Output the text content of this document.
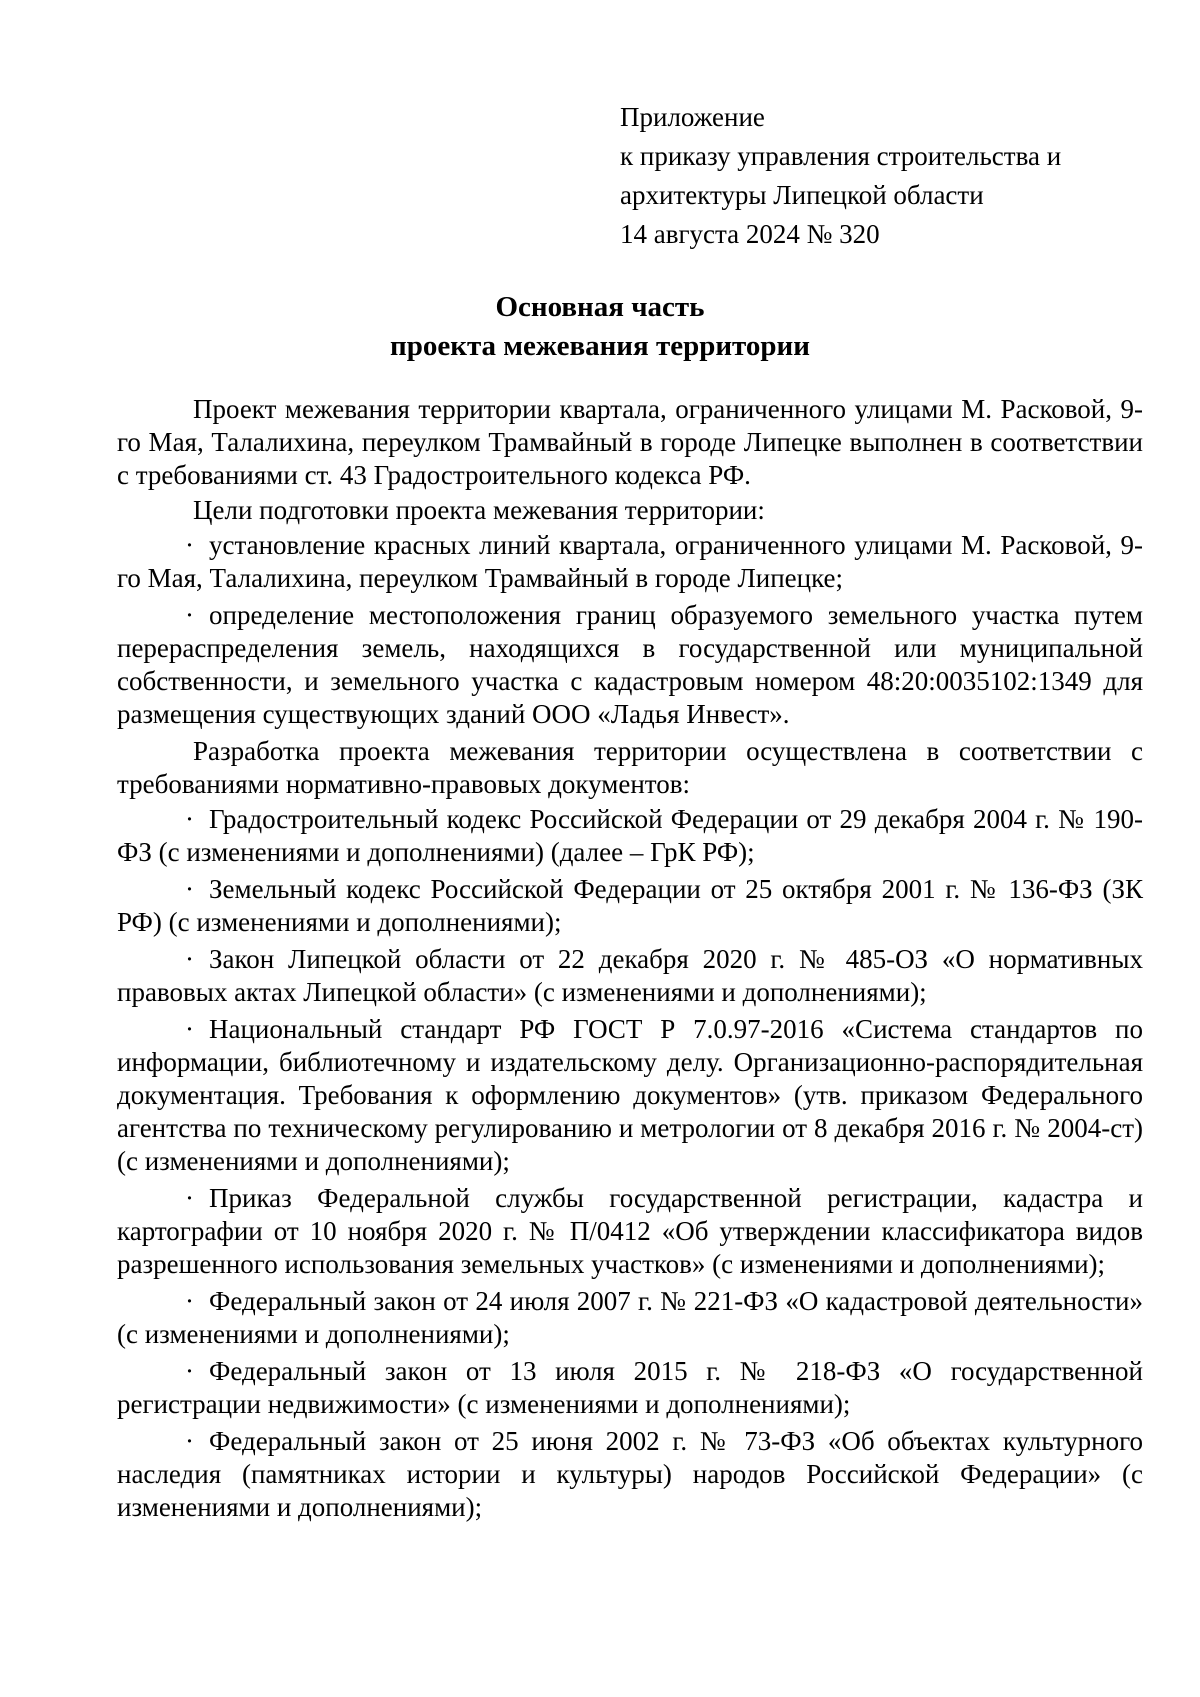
Приложение
к приказу управления строительства и
архитектуры Липецкой области
14 августа 2024 № 320
Основная часть
проекта межевания территории

Проект межевания территории квартала, ограниченного улицами М. Расковой, 9-го Мая, Талалихина, переулком Трамвайный в городе Липецке выполнен в соответствии с требованиями ст. 43 Градостроительного кодекса РФ.

Цели подготовки проекта межевания территории:

· установление красных линий квартала, ограниченного улицами М. Расковой, 9-го Мая, Талалихина, переулком Трамвайный в городе Липецке;

· определение местоположения границ образуемого земельного участка путем перераспределения земель, находящихся в государственной или муниципальной собственности, и земельного участка с кадастровым номером 48:20:0035102:1349 для размещения существующих зданий ООО «Ладья Инвест».

Разработка проекта межевания территории осуществлена в соответствии с требованиями нормативно-правовых документов:

· Градостроительный кодекс Российской Федерации от 29 декабря 2004 г. № 190-ФЗ (с изменениями и дополнениями) (далее – ГрК РФ);

· Земельный кодекс Российской Федерации от 25 октября 2001 г. № 136-ФЗ (ЗК РФ) (с изменениями и дополнениями);

· Закон Липецкой области от 22 декабря 2020 г. № 485-ОЗ «О нормативных правовых актах Липецкой области» (с изменениями и дополнениями);

· Национальный стандарт РФ ГОСТ Р 7.0.97-2016 «Система стандартов по информации, библиотечному и издательскому делу. Организационно-распорядительная документация. Требования к оформлению документов» (утв. приказом Федерального агентства по техническому регулированию и метрологии от 8 декабря 2016 г. № 2004-ст) (с изменениями и дополнениями);

· Приказ Федеральной службы государственной регистрации, кадастра и картографии от 10 ноября 2020 г. № П/0412 «Об утверждении классификатора видов разрешенного использования земельных участков» (с изменениями и дополнениями);

· Федеральный закон от 24 июля 2007 г. № 221-ФЗ «О кадастровой деятельности» (с изменениями и дополнениями);

· Федеральный закон от 13 июля 2015 г. № 218-ФЗ «О государственной регистрации недвижимости» (с изменениями и дополнениями);

· Федеральный закон от 25 июня 2002 г. № 73-ФЗ «Об объектах культурного наследия (памятниках истории и культуры) народов Российской Федерации» (с изменениями и дополнениями);
